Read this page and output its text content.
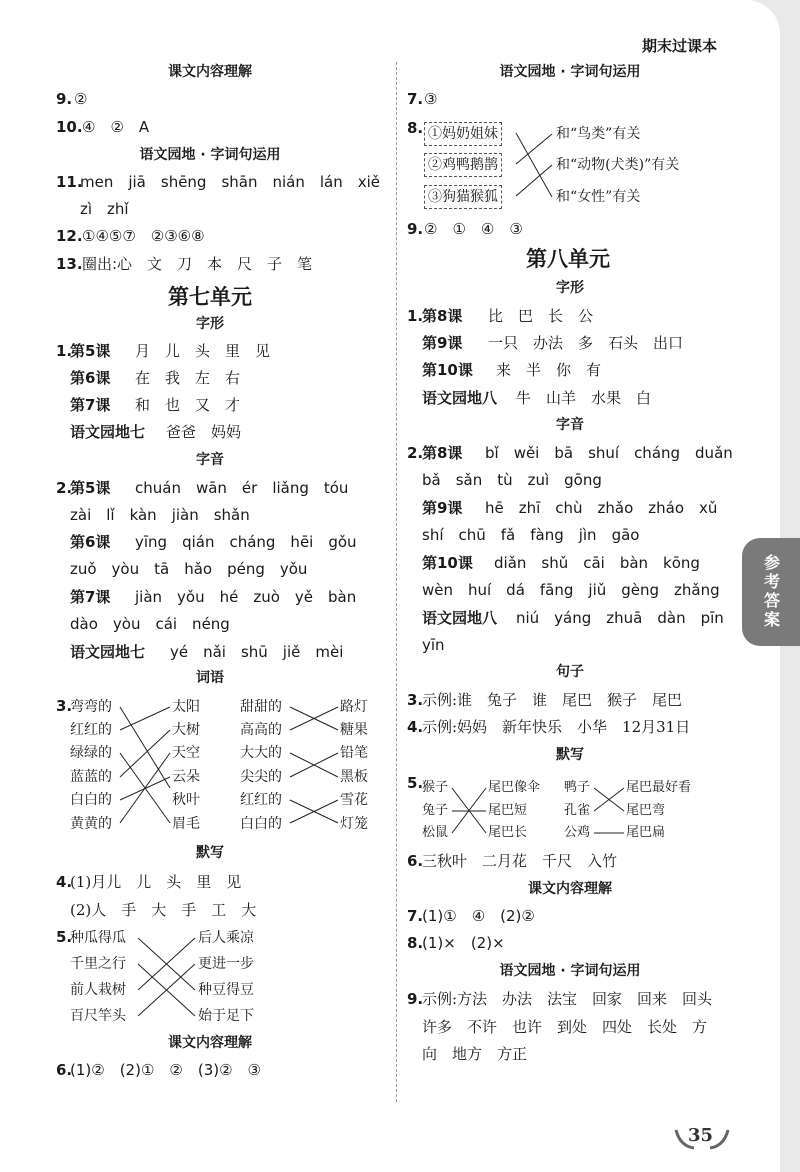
期末过课本
课文内容理解
9. ②
10. ④　②　A
语文园地 · 字词句运用
11.
men　jiā　shēng　shān　nián　lán　xiě
zì　zhǐ
12. ①④⑤⑦　②③⑥⑧
13. 圈出:心　文　刀　本　尺　子　笔
第七单元
字形
1.
第5课 月　儿　头　里　见
第6课 在　我　左　右
第7课 和　也　又　才
语文园地七 爸爸　妈妈
字音
2.
第5课 chuán　wān　ér　liǎng　tóu
zài　lǐ　kàn　jiàn　shǎn
第6课 yīng　qián　cháng　hēi　gǒu
zuǒ　yòu　tā　hǎo　péng　yǒu
第7课 jiàn　yǒu　hé　zuò　yě　bàn
dào　yòu　cái　néng
语文园地七 yé　nǎi　shū　jiě　mèi
词语
3.
弯弯的
红红的
绿绿的
蓝蓝的
白白的
黄黄的
太阳
大树
天空
云朵
秋叶
眉毛
甜甜的
高高的
大大的
尖尖的
红红的
白白的
路灯
糖果
铅笔
黑板
雪花
灯笼
默写
4.
(1)月儿　儿　头　里　见
(2)人　手　大　手　工　大
5.
种瓜得瓜
千里之行
前人栽树
百尺竿头
后人乘凉
更进一步
种豆得豆
始于足下
课文内容理解
6.
(1)②　(2)①　②　(3)②　③
语文园地 · 字词句运用
7. ③
8. ①妈奶姐妹
②鸡鸭鹅鹊
③狗猫猴狐
和“鸟类”有关
和“动物(犬类)”有关
和“女性”有关
9. ②　①　④　③
第八单元
字形
1.
第8课 比　巴　长　公
第9课 一只　办法　多　石头　出口
第10课 来　半　你　有
语文园地八 牛　山羊　水果　白
字音
2.
第8课 bǐ　wěi　bā　shuí　cháng　duǎn
bǎ　sǎn　tù　zuì　gōng
第9课 hē　zhī　chù　zhǎo　zháo　xǔ
shí　chū　fǎ　fàng　jìn　gāo
第10课 diǎn　shǔ　cāi　bàn　kōng
wèn　huí　dá　fāng　jiǔ　gèng　zhǎng
语文园地八 niú　yáng　zhuā　dàn　pīn
yīn
句子
3.
示例:谁　兔子　谁　尾巴　猴子　尾巴
4.
示例:妈妈　新年快乐　小华　12月31日
默写
5.
猴子
兔子
松鼠
尾巴像伞
尾巴短
尾巴长
鸭子
孔雀
公鸡
尾巴最好看
尾巴弯
尾巴扁
6.
三秋叶　二月花　千尺　入竹
课文内容理解
7.
(1)①　④　(2)②
8.
(1)×　(2)×
语文园地 · 字词句运用
9.
示例:方法　办法　法宝　回家　回来　回头
许多　不许　也许　到处　四处　长处　方
向　地方　方正
35
参考答案
